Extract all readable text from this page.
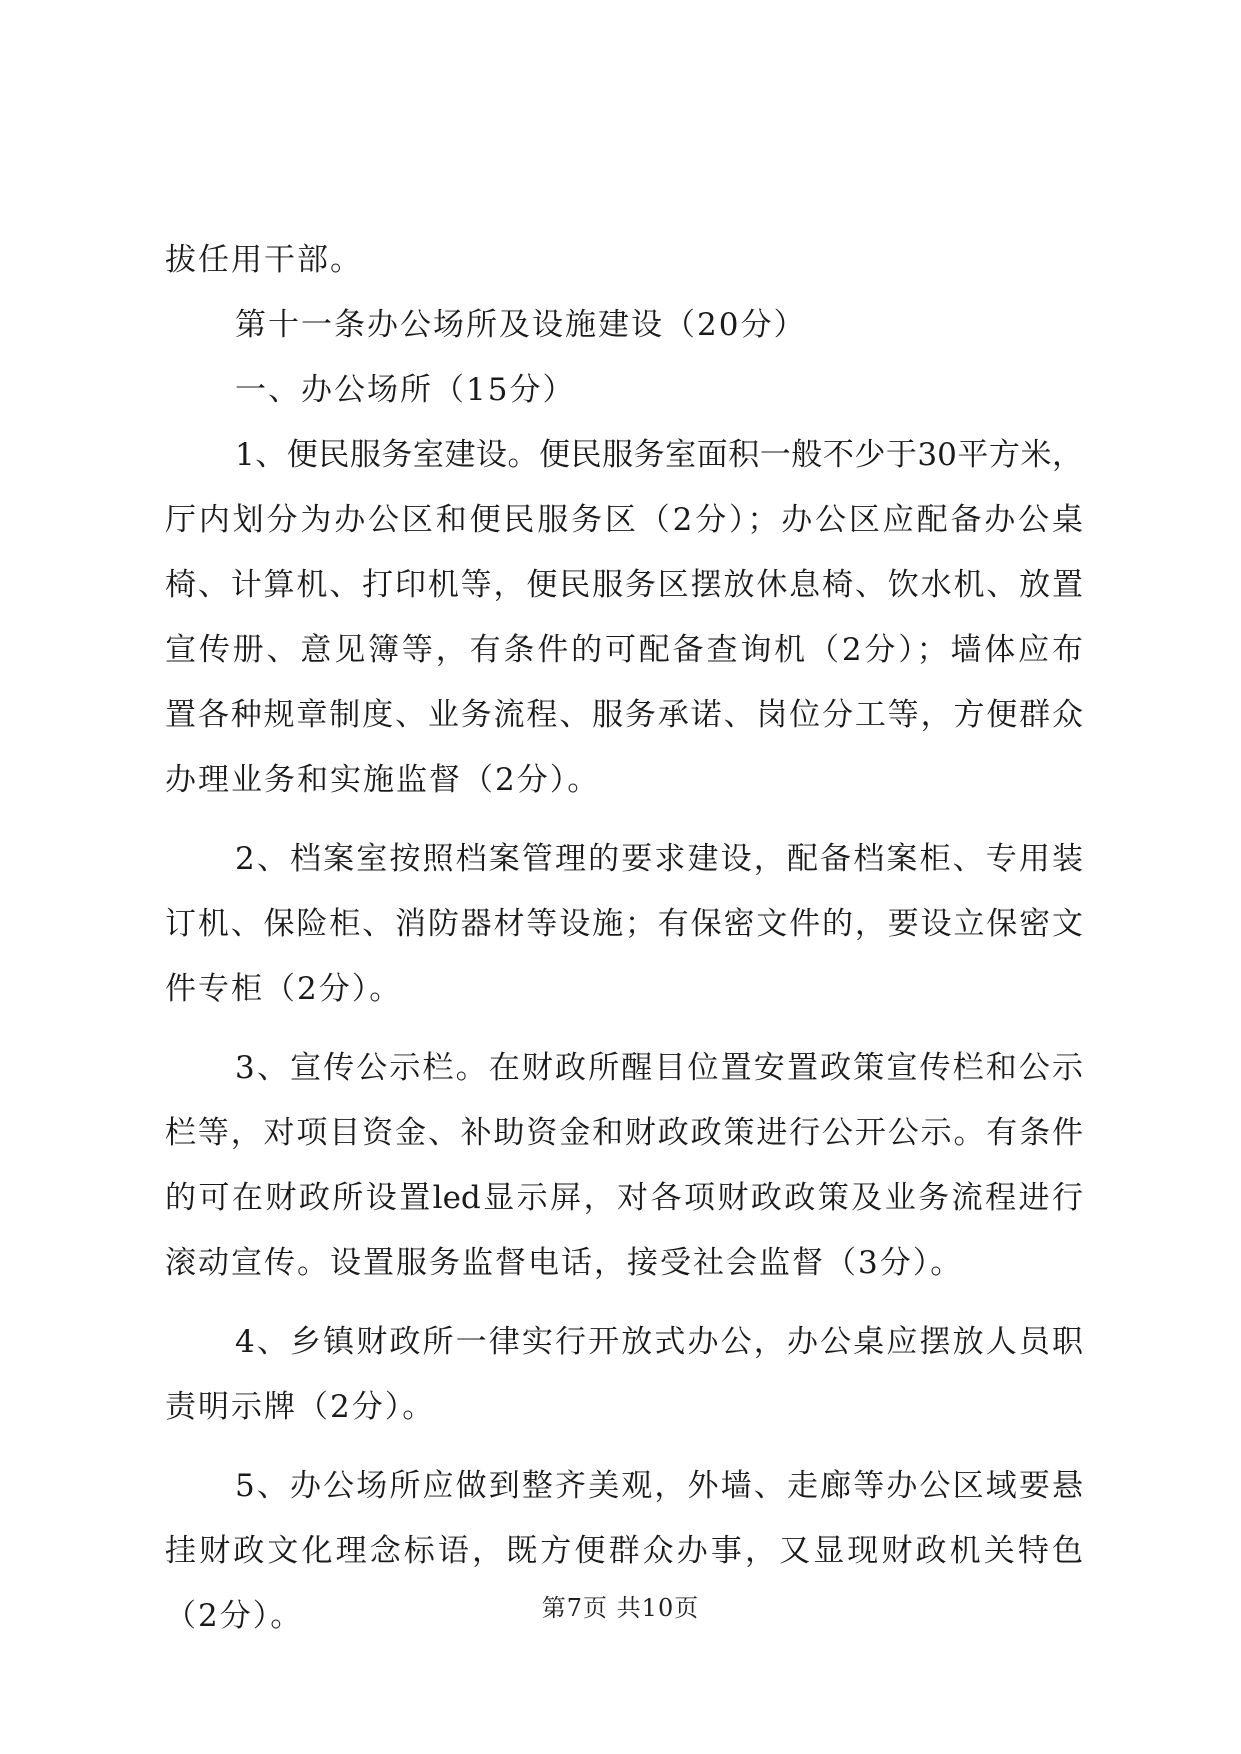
拔任用干部。
第十一条办公场所及设施建设（20分）
一、办公场所（15分）
1、便民服务室建设。便民服务室面积一般不少于30平方米，
厅内划分为办公区和便民服务区（2分）；办公区应配备办公桌
椅、计算机、打印机等，便民服务区摆放休息椅、饮水机、放置
宣传册、意见簿等，有条件的可配备查询机（2分）；墙体应布
置各种规章制度、业务流程、服务承诺、岗位分工等，方便群众
办理业务和实施监督（2分）。
2、档案室按照档案管理的要求建设，配备档案柜、专用装
订机、保险柜、消防器材等设施；有保密文件的，要设立保密文
件专柜（2分）。
3、宣传公示栏。在财政所醒目位置安置政策宣传栏和公示
栏等，对项目资金、补助资金和财政政策进行公开公示。有条件
的可在财政所设置led显示屏，对各项财政政策及业务流程进行
滚动宣传。设置服务监督电话，接受社会监督（3分）。
4、乡镇财政所一律实行开放式办公，办公桌应摆放人员职
责明示牌（2分）。
5、办公场所应做到整齐美观，外墙、走廊等办公区域要悬
挂财政文化理念标语，既方便群众办事，又显现财政机关特色
（2分）。	第7页 共10页
